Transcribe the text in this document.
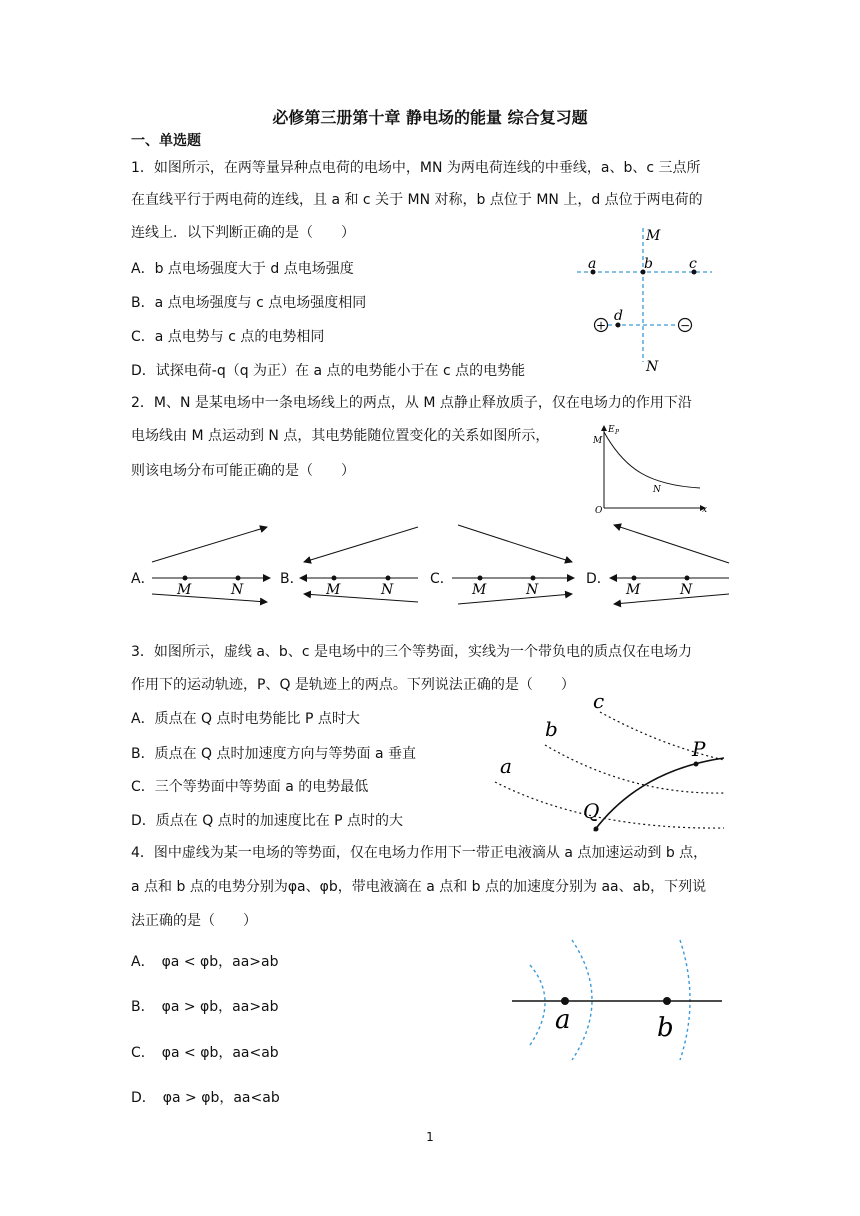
必修第三册第十章 静电场的能量 综合复习题
一、单选题
1．如图所示，在两等量异种点电荷的电场中，MN 为两电荷连线的中垂线，a、b、c 三点所
在直线平行于两电荷的连线，且 a 和 c 关于 MN 对称，b 点位于 MN 上，d 点位于两电荷的
连线上．以下判断正确的是（　　）
A．b 点电场强度大于 d 点电场强度
B．a 点电场强度与 c 点电场强度相同
C．a 点电势与 c 点的电势相同
D．试探电荷-q（q 为正）在 a 点的电势能小于在 c 点的电势能
+	−
M
N
a	b	c
d
2．M、N 是某电场中一条电场线上的两点，从 M 点静止释放质子，仅在电场力的作用下沿
电场线由 M 点运动到 N 点，其电势能随位置变化的关系如图所示，
则该电场分布可能正确的是（　　）
E P
M
N
O	x
A．	B．	C．	D．
M	N	M	N	M	N	M	N
3．如图所示，虚线 a、b、c 是电场中的三个等势面，实线为一个带负电的质点仅在电场力
作用下的运动轨迹，P、Q 是轨迹上的两点。下列说法正确的是（　　）
A．质点在 Q 点时电势能比 P 点时大
B．质点在 Q 点时加速度方向与等势面 a 垂直
C．三个等势面中等势面 a 的电势最低
D．质点在 Q 点时的加速度比在 P 点时的大
c
b
a
P
Q
4．图中虚线为某一电场的等势面，仅在电场力作用下一带正电液滴从 a 点加速运动到 b 点，
a 点和 b 点的电势分别为φa、φb，带电液滴在 a 点和 b 点的加速度分别为 aa、ab，下列说
法正确的是（　　）
A．　φa < φb，aa>ab
B．　φa > φb，aa>ab
C．　φa < φb，aa<ab
D．　φa > φb，aa<ab
a	b
1
